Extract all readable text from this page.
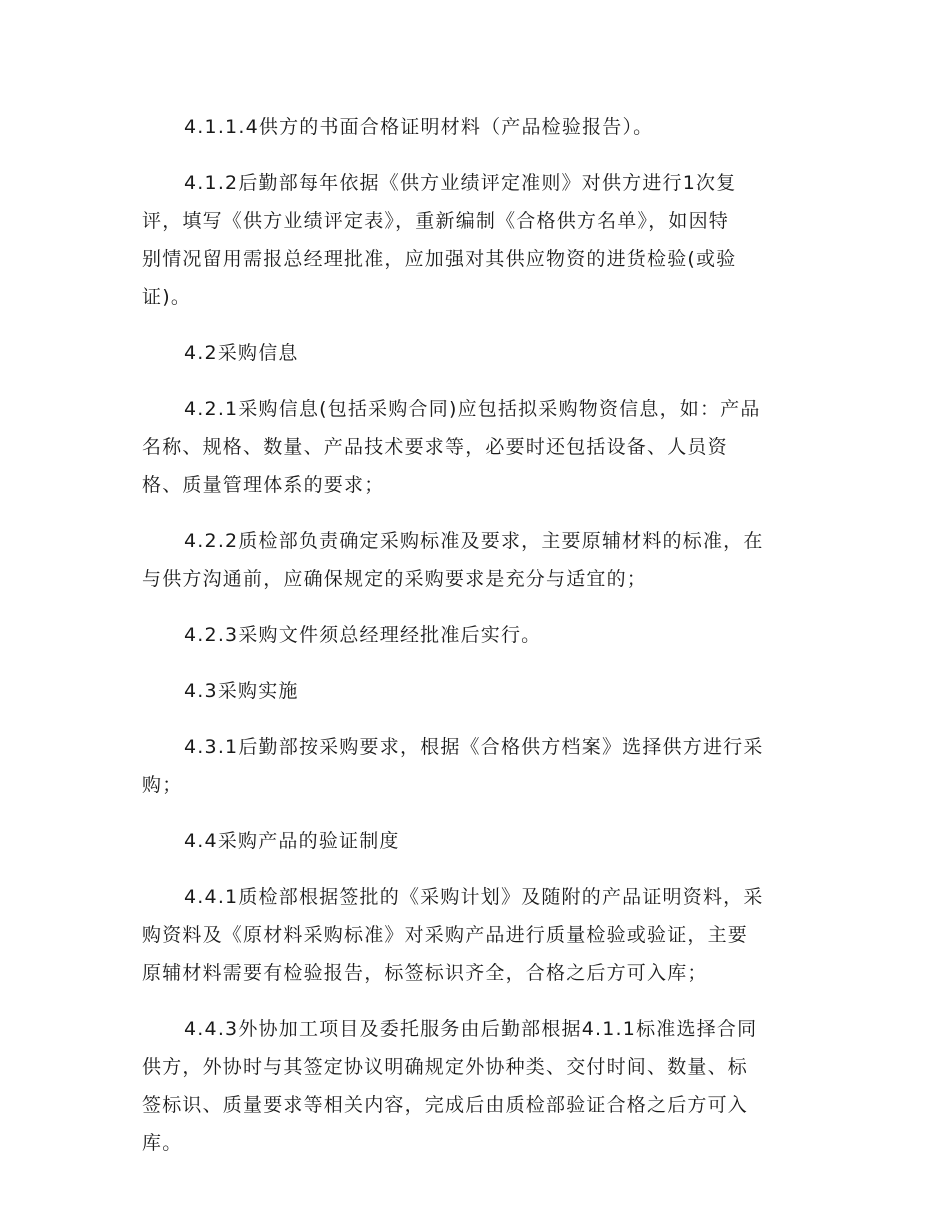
4.1.1.4供方的书面合格证明材料（产品检验报告）。
4.1.2后勤部每年依据《供方业绩评定准则》对供方进行1次复
评，填写《供方业绩评定表》，重新编制《合格供方名单》，如因特
别情况留用需报总经理批准，应加强对其供应物资的进货检验(或验
证)。
4.2采购信息
4.2.1采购信息(包括采购合同)应包括拟采购物资信息，如：产品
名称、规格、数量、产品技术要求等，必要时还包括设备、人员资
格、质量管理体系的要求；
4.2.2质检部负责确定采购标准及要求，主要原辅材料的标准，在
与供方沟通前，应确保规定的采购要求是充分与适宜的；
4.2.3采购文件须总经理经批准后实行。
4.3采购实施
4.3.1后勤部按采购要求，根据《合格供方档案》选择供方进行采
购；
4.4采购产品的验证制度
4.4.1质检部根据签批的《采购计划》及随附的产品证明资料，采
购资料及《原材料采购标准》对采购产品进行质量检验或验证，主要
原辅材料需要有检验报告，标签标识齐全，合格之后方可入库；
4.4.3外协加工项目及委托服务由后勤部根据4.1.1标准选择合同
供方，外协时与其签定协议明确规定外协种类、交付时间、数量、标
签标识、质量要求等相关内容，完成后由质检部验证合格之后方可入
库。
